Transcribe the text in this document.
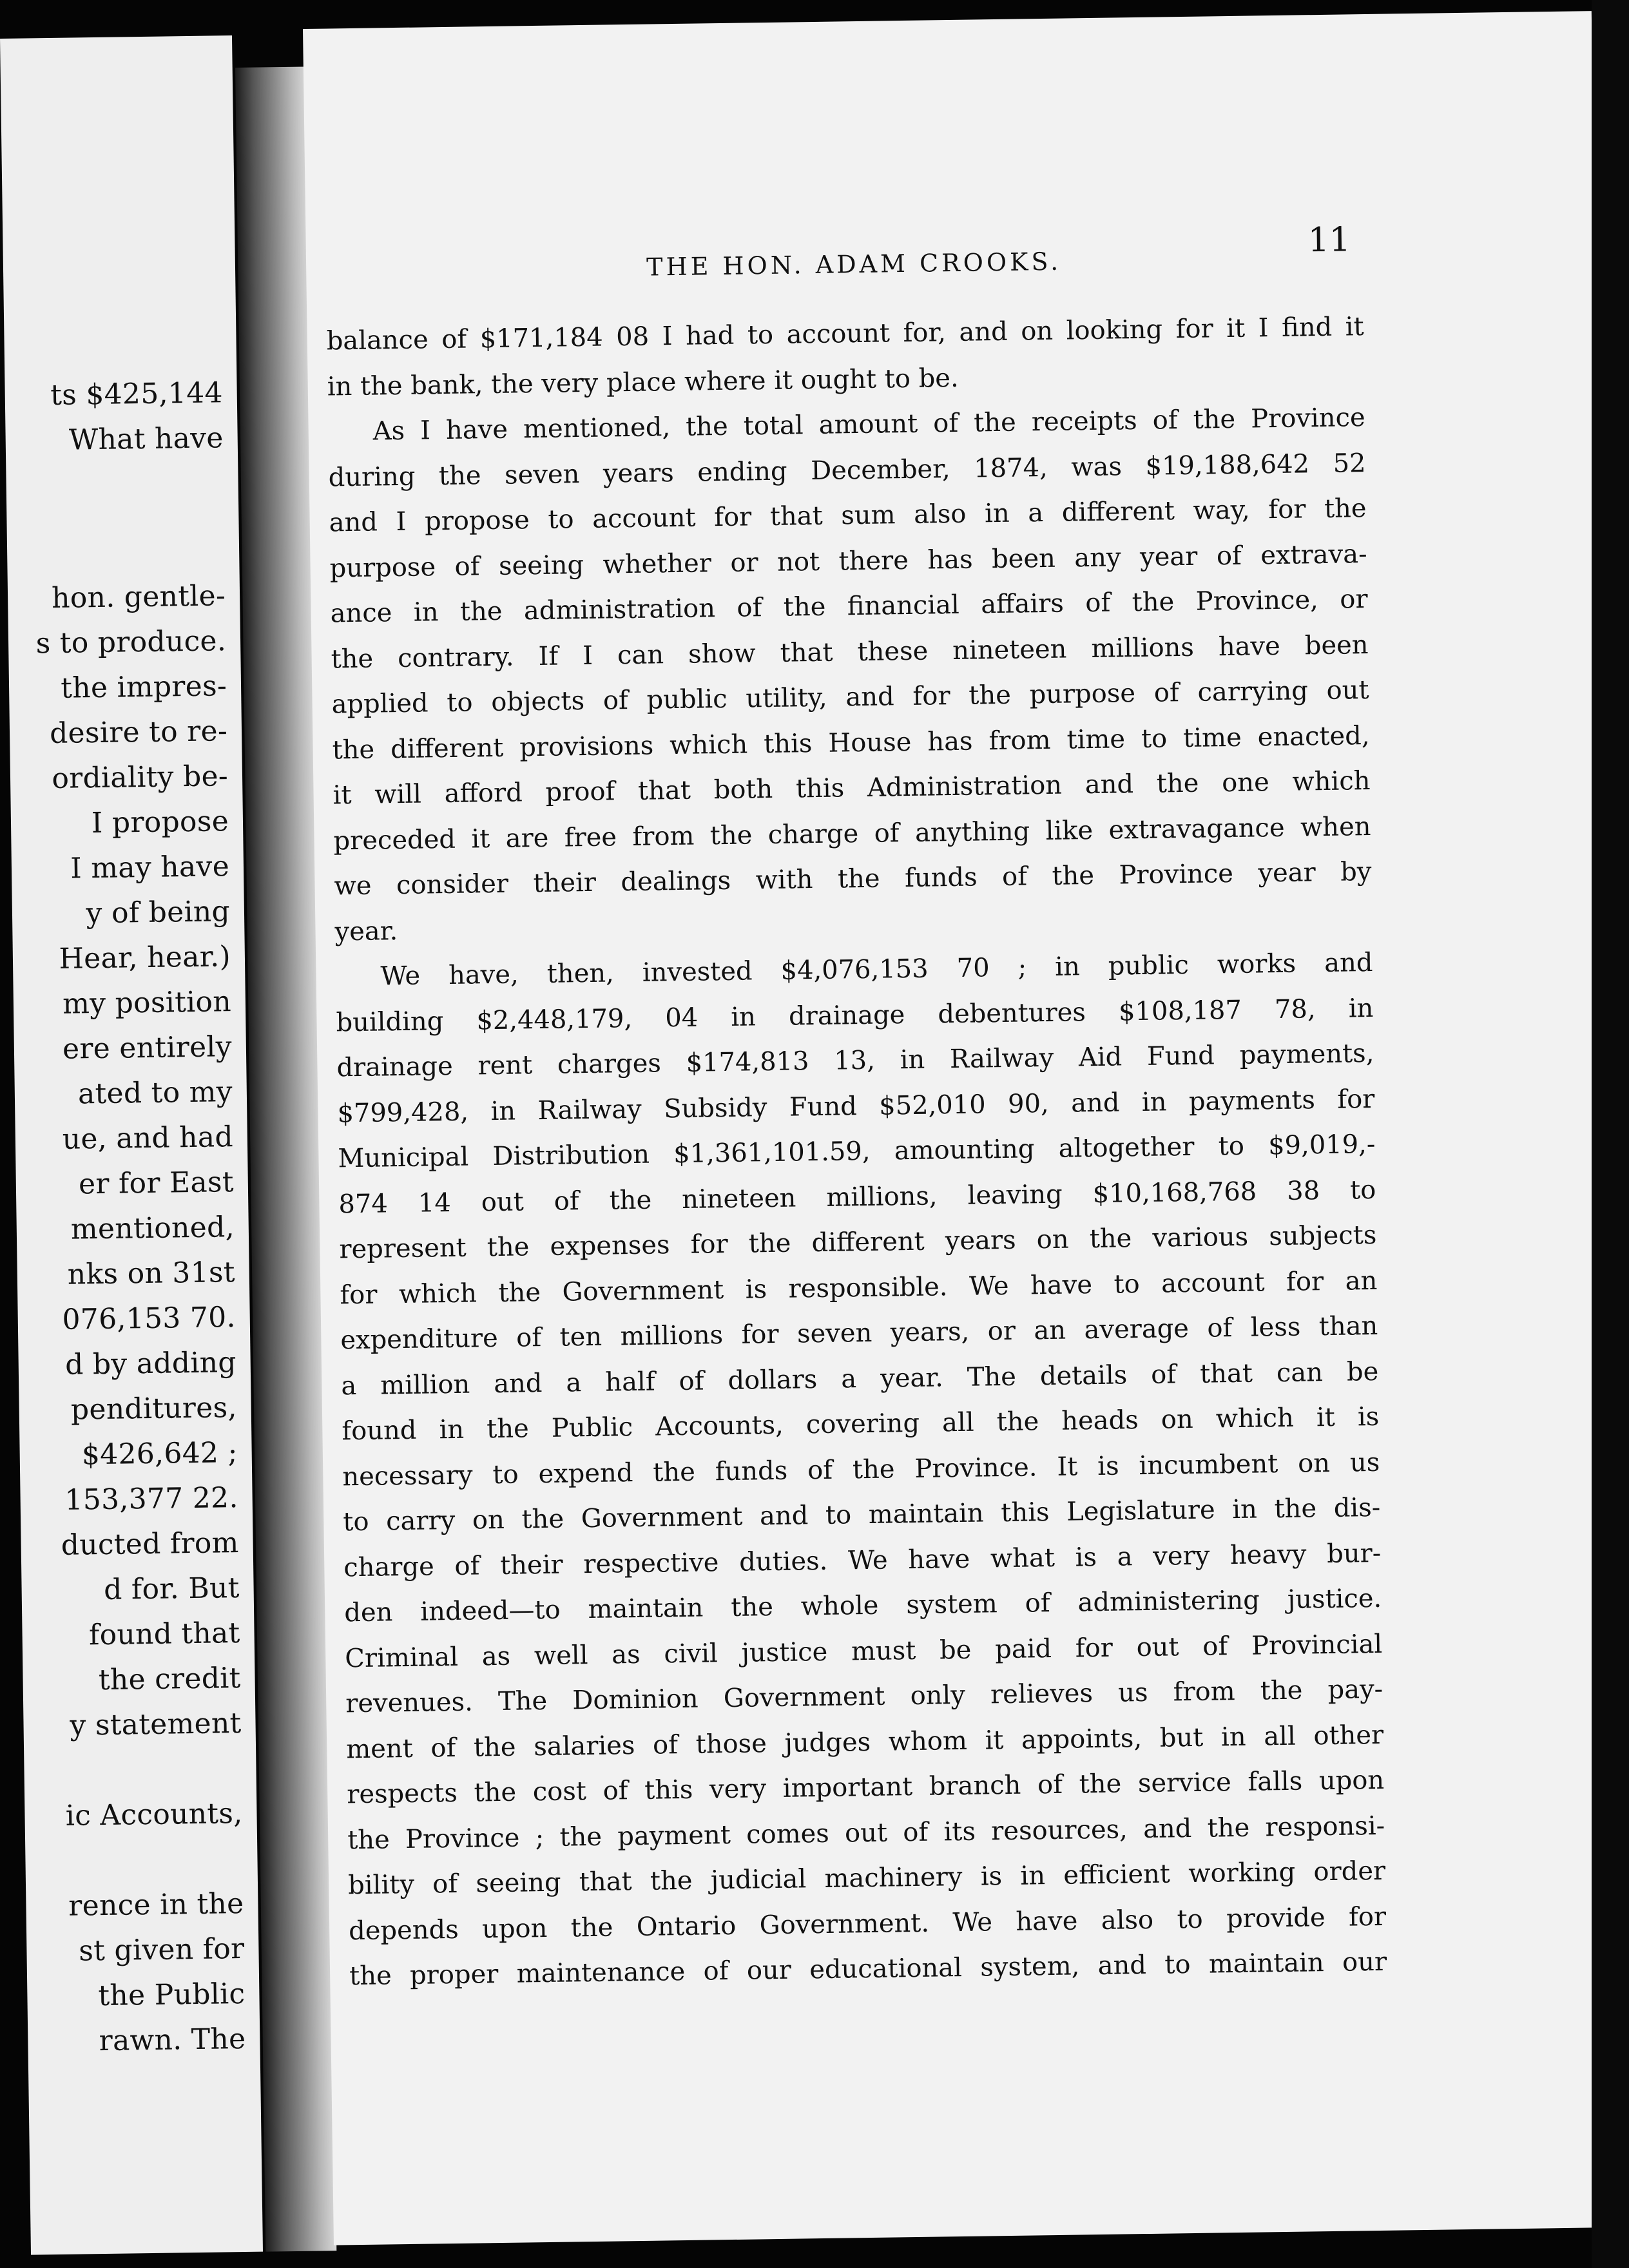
ts $425,144
What have
hon. gentle-
s to produce.
the impres-
desire to re-
ordiality be-
I propose
I may have
y of being
Hear, hear.)
my position
ere entirely
ated to my
ue, and had
er for East
mentioned,
nks on 31st
076,153 70.
d by adding
penditures,
$426,642 ;
153,377 22.
ducted from
d for. But
found that
the credit
y statement
ic Accounts,
rence in the
st given for
the Public
rawn. The
THE HON. ADAM CROOKS.
11
balance of $171,184 08 I had to account for, and on looking for it I find it
in the bank, the very place where it ought to be.
As I have mentioned, the total amount of the receipts of the Province
during the seven years ending December, 1874, was $19,188,642 52
and I propose to account for that sum also in a different way, for the
purpose of seeing whether or not there has been any year of extrava-
ance in the administration of the financial affairs of the Province, or
the contrary. If I can show that these nineteen millions have been
applied to objects of public utility, and for the purpose of carrying out
the different provisions which this House has from time to time enacted,
it will afford proof that both this Administration and the one which
preceded it are free from the charge of anything like extravagance when
we consider their dealings with the funds of the Province year by
year.
We have, then, invested $4,076,153 70 ; in public works and
building $2,448,179, 04 in drainage debentures $108,187 78, in
drainage rent charges $174,813 13, in Railway Aid Fund payments,
$799,428, in Railway Subsidy Fund $52,010 90, and in payments for
Municipal Distribution $1,361,101.59, amounting altogether to $9,019,-
874 14 out of the nineteen millions, leaving $10,168,768 38 to
represent the expenses for the different years on the various subjects
for which the Government is responsible. We have to account for an
expenditure of ten millions for seven years, or an average of less than
a million and a half of dollars a year. The details of that can be
found in the Public Accounts, covering all the heads on which it is
necessary to expend the funds of the Province. It is incumbent on us
to carry on the Government and to maintain this Legislature in the dis-
charge of their respective duties. We have what is a very heavy bur-
den indeed—to maintain the whole system of administering justice.
Criminal as well as civil justice must be paid for out of Provincial
revenues. The Dominion Government only relieves us from the pay-
ment of the salaries of those judges whom it appoints, but in all other
respects the cost of this very important branch of the service falls upon
the Province ; the payment comes out of its resources, and the responsi-
bility of seeing that the judicial machinery is in efficient working order
depends upon the Ontario Government. We have also to provide for
the proper maintenance of our educational system, and to maintain our
